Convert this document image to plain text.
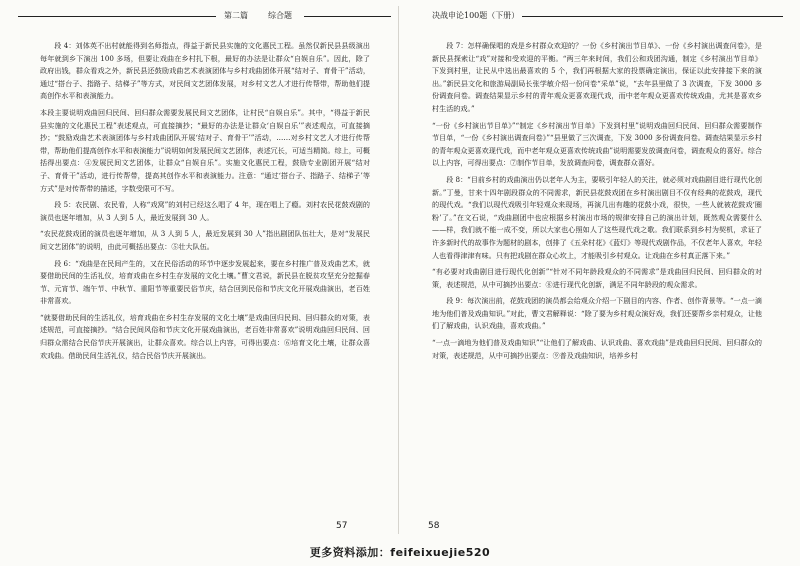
第二篇	综合题

段 4：刘体英不出村就能得到名师指点，得益于新民县实施的文化惠民工程。虽然仅新民县县级演出每年就到乡下演出 100 多场，但要让戏曲在乡村扎下根，最好的办法是让群众“自娱自乐”。因此，除了政府出钱，群众看戏之外，新民县还鼓励戏曲艺术表演团体与乡村戏曲团体开展“结对子、育骨干”活动，通过“搭台子、指路子、结梯子”等方式，对民间文艺团体发展，对乡村文艺人才进行传帮带，帮助他们提高创作水平和表演能力。

本段主要说明戏曲回归民间、回归群众需要发展民间文艺团体，让村民“自娱自乐”。其中，“得益于新民县实施的文化惠民工程”表述观点，可直接摘抄；“最好的办法是让群众‘自娱自乐’”表述观点，可直接摘抄；“鼓励戏曲艺术表演团体与乡村戏曲团队开展‘结对子、育骨干’”活动，……对乡村文艺人才进行传帮带，帮助他们提高创作水平和表演能力”说明如何发展民间文艺团体，表述冗长，可适当精简。综上，可概括得出要点：④发展民间文艺团体，让群众“自娱自乐”。实施文化惠民工程，鼓励专业剧团开展“结对子、育骨干”活动，进行传帮带，提高其创作水平和表演能力。注意：“通过‘搭台子、指路子、结梯子’等方式”是对传帮带的描述，字数受限可不写。

段 5：农民剧、农民看，人称“戏窝”的刘村已经这么唱了 4 年，现在唱上了瘾。刘村农民花鼓戏剧的演员也逐年增加，从 3 人到 5 人，最近发展到 30 人。

“农民花鼓戏团的演员也逐年增加，从 3 人到 5 人，最近发展到 30 人”指出剧团队伍壮大，是对“发展民间文艺团体”的说明，由此可概括出要点：⑤壮大队伍。

段 6：“戏曲是在民间产生的，又在民俗活动的环节中逐步发展起来，要在乡村推广普及戏曲艺术，就要借助民间的生活礼仪，培育戏曲在乡村生存发展的文化土壤。”曹文君说，新民县在脱贫攻坚充分挖掘春节、元宵节、端午节、中秋节、重阳节等重要民俗节庆，结合回到民俗和节庆文化开展戏曲演出，老百姓非常喜欢。

“就要借助民间的生活礼仪，培育戏曲在乡村生存发展的文化土壤”是戏曲回归民间、回归群众的对策，表述规范，可直接摘抄。“结合民间风俗和节庆文化开展戏曲演出，老百姓非常喜欢”说明戏曲回归民间、回归群众需结合民俗节庆开展演出，让群众喜欢。综合以上内容，可得出要点：⑥培育文化土壤，让群众喜欢戏曲。借助民间生活礼仪，结合民俗节庆开展演出。

57
决战申论100题（下册）

段 7：怎样确保唱的戏是乡村群众欢迎的？一份《乡村演出节目单》、一份《乡村演出调查问卷》，是新民县探索让“戏”对接和受欢迎的平衡。“两三年来时间，我们公和戏团沟通，制定《乡村演出节目单》下发到村里，让民从中选出最喜欢的 5 个，我们再根据大家的投票确定演出，保证以此安排接下来的演出。”新民县文化和旅游局副局长张学敏介绍一份问卷“采单”说，“去年县里做了 3 次调查，下发 3000 多份调查问卷。调查结果显示乡村的青年观众更喜欢现代戏，而中老年观众更喜欢传统戏曲，尤其是喜欢乡村生活的戏。”

“一份《乡村演出节目单》”“制定《乡村演出节目单》下发到村里”说明戏曲回归民间、回归群众需要制作节目单，“一份《乡村演出调查问卷》”“县里做了三次调查，下发 3000 多份调查问卷。调查结果显示乡村的青年观众更喜欢现代戏，而中老年观众更喜欢传统戏曲”说明需要发放调查问卷，调查观众的喜好。综合以上内容，可得出要点：⑦制作节目单，发放调查问卷，调查群众喜好。

段 8：“目前乡村的戏曲演出仍以老年人为主，要吸引年轻人的关注，就必须对戏曲剧目进行现代化创新。”丁曼，甘来十四年剧段群众的不同需求，新民县花鼓戏团在乡村演出剧目不仅有经典的花鼓戏，现代的现代戏。“我们以现代戏吸引年轻观众来现场，再演几出有趣的花鼓小戏，很快，一些人就被花鼓戏‘圈粉’了。”在文石说，“戏曲剧团中也应根据乡村演出市场的规律安排自己的演出计划，既然观众需要什么——样，我们就不能一成不变，所以大家也心照如人了这些现代戏之歌。我们联系到乡村为契机，求证了许多新时代的故事作为题材的剧本，创排了《五朵村花》《蓝灯》等现代戏剧作品，不仅老年人喜欢，年轻人也看得津津有味。只有把戏剧在群众心坎上，才能吸引乡村观众。让戏曲在乡村真正落下来。”

“有必要对戏曲剧目进行现代化创新”“针对不同年龄段观众的不同需求”是戏曲回归民间、回归群众的对策，表述规范，从中可摘抄出要点：⑧进行现代化创新，满足不同年龄段的观众需求。

段 9：每次演出前，花鼓戏团的演员都会给观众介绍一下剧目的内容、作者、创作背景等。“一点一滴地为他们普及戏曲知识。”对此，曹文君解释说：“除了要为乡村观众演好戏，我们还要帮乡亲村观众，让他们了解戏曲，认识戏曲，喜欢戏曲。”

“一点一滴地为他们普及戏曲知识”“让他们了解戏曲、认识戏曲、喜欢戏曲”是戏曲回归民间、回归群众的对策，表述规范，从中可摘抄出要点：⑨普及戏曲知识，培养乡村

58
更多资料添加：feifeixuejie520
